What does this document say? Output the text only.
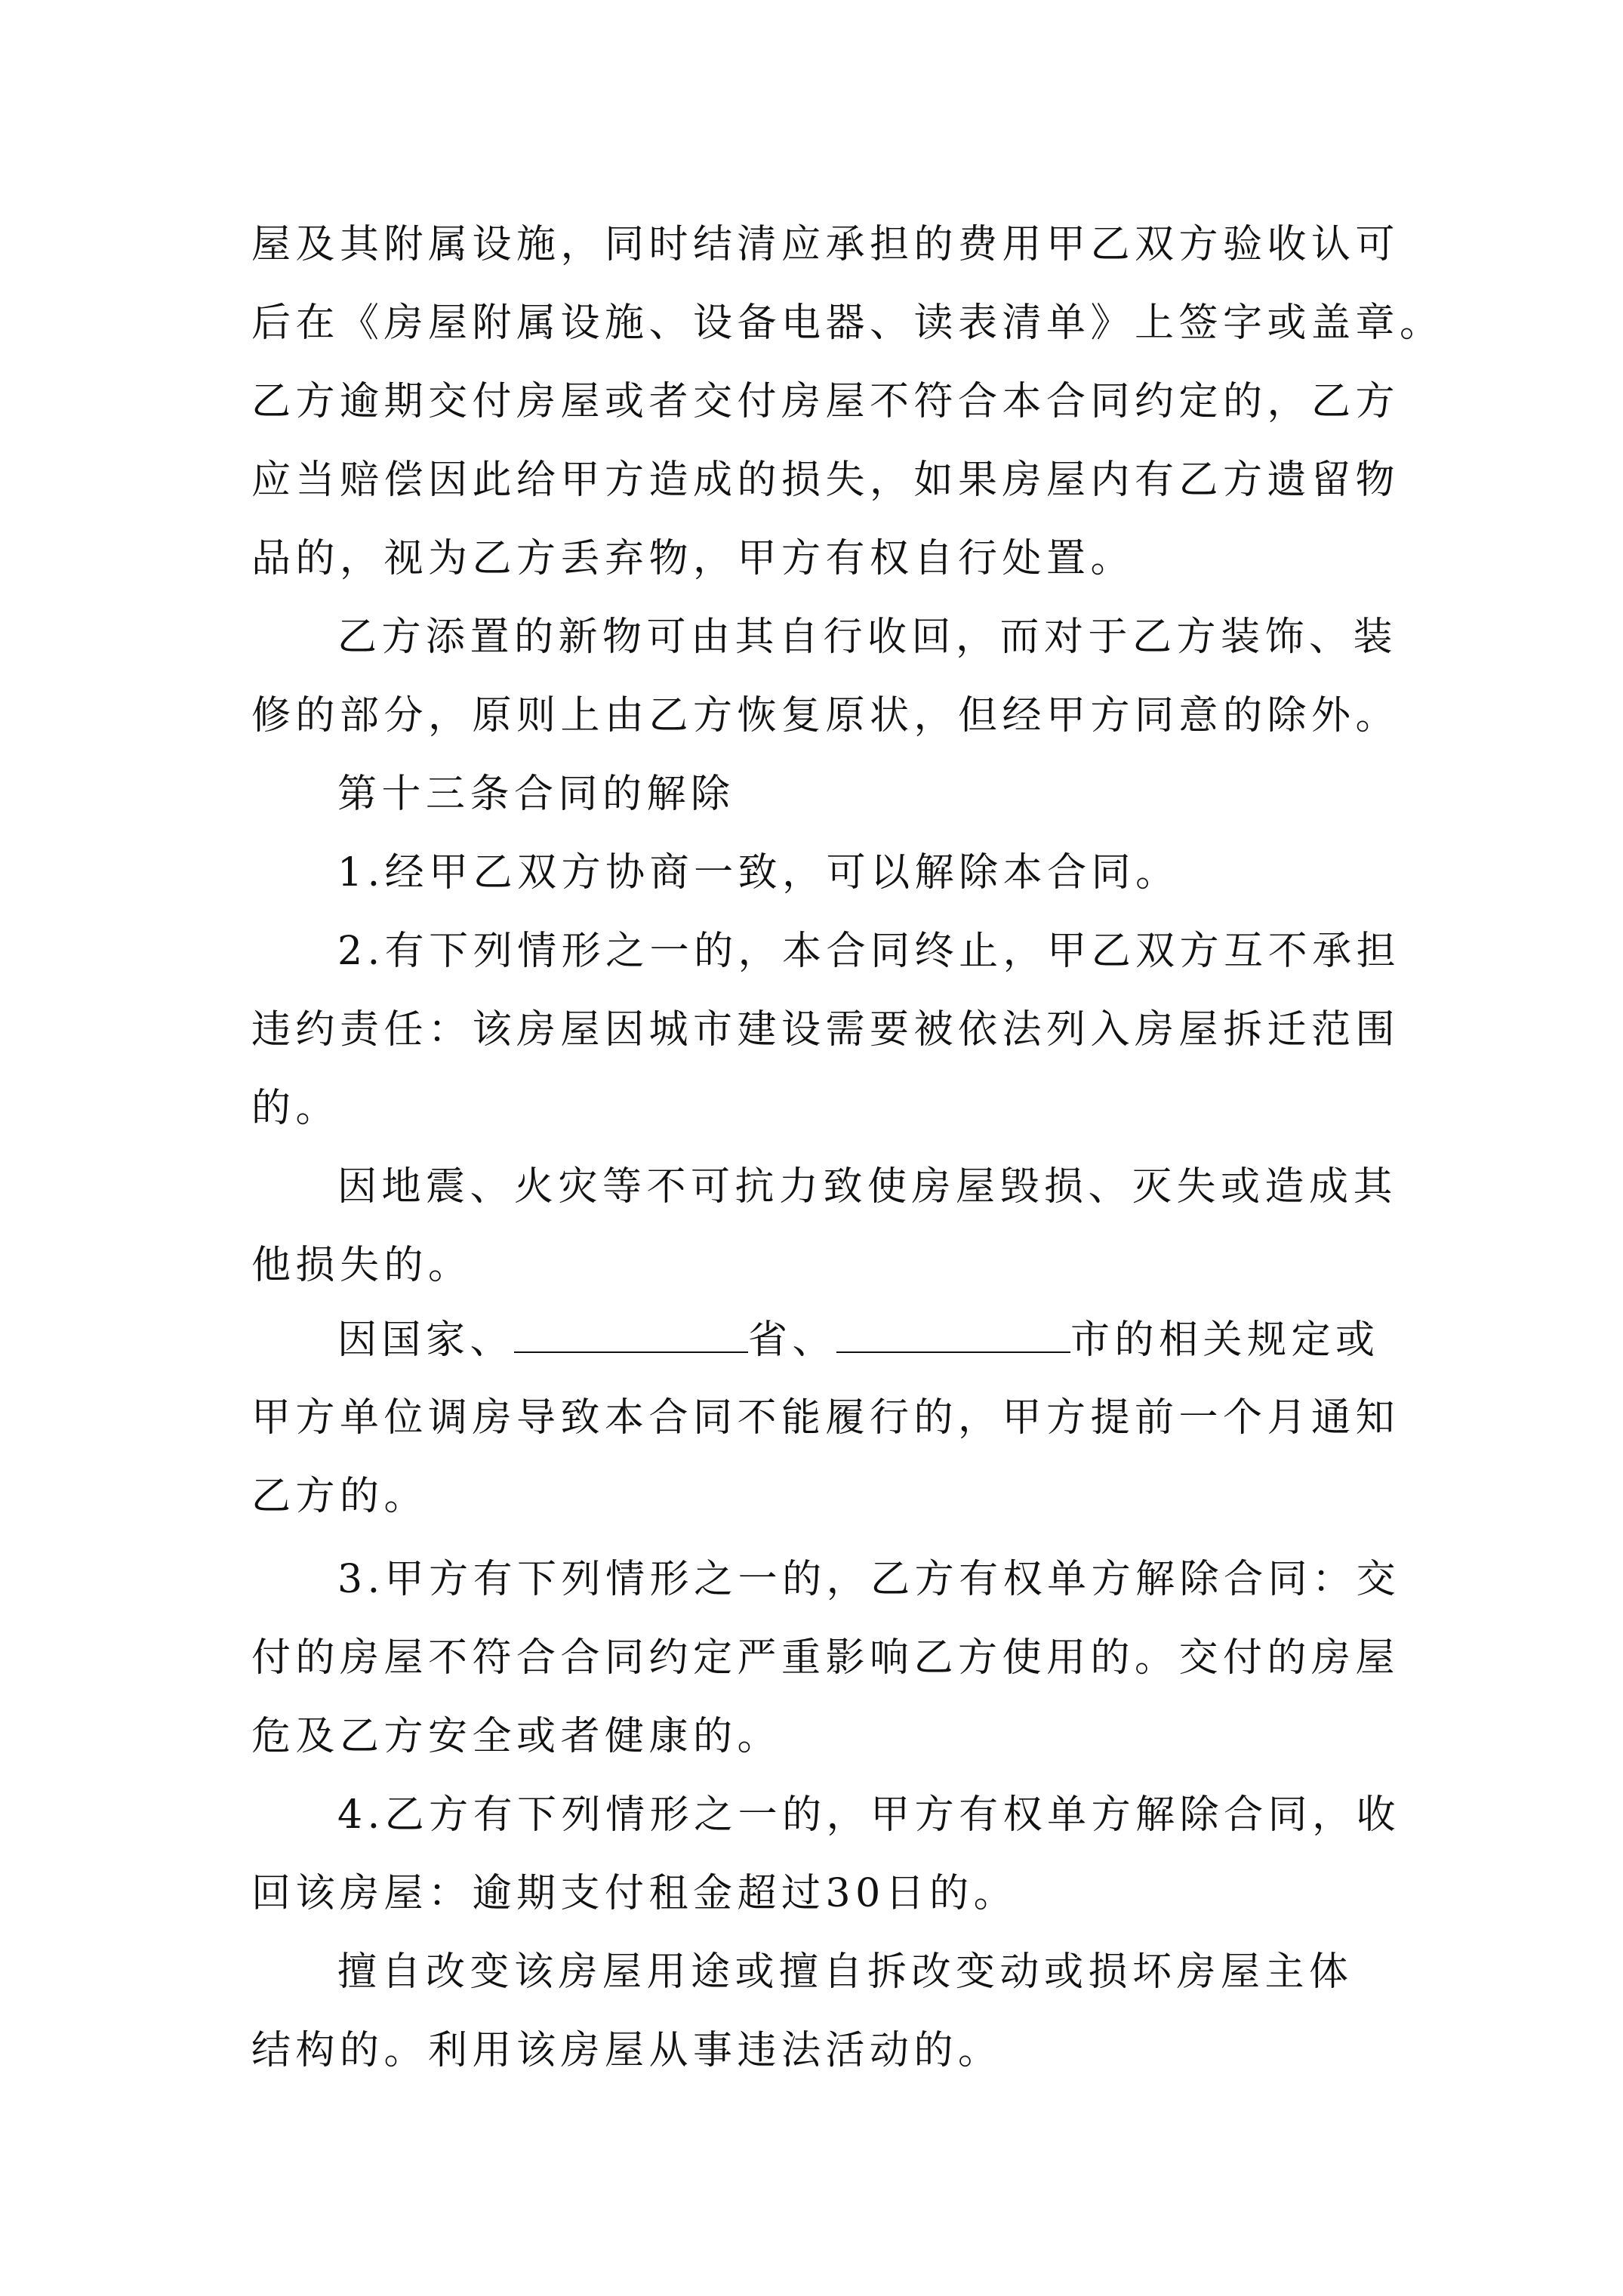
屋及其附属设施，同时结清应承担的费用甲乙双方验收认可
后在《房屋附属设施、设备电器、读表清单》上签字或盖章。
乙方逾期交付房屋或者交付房屋不符合本合同约定的，乙方
应当赔偿因此给甲方造成的损失，如果房屋内有乙方遗留物
品的，视为乙方丢弃物，甲方有权自行处置。
乙方添置的新物可由其自行收回，而对于乙方装饰、装
修的部分，原则上由乙方恢复原状，但经甲方同意的除外。
第十三条合同的解除
1.经甲乙双方协商一致，可以解除本合同。
2.有下列情形之一的，本合同终止，甲乙双方互不承担
违约责任：该房屋因城市建设需要被依法列入房屋拆迁范围
的。
因地震、火灾等不可抗力致使房屋毁损、灭失或造成其
他损失的。
因国家、	省、	市的相关规定或
甲方单位调房导致本合同不能履行的，甲方提前一个月通知
乙方的。
3.甲方有下列情形之一的，乙方有权单方解除合同：交
付的房屋不符合合同约定严重影响乙方使用的。交付的房屋
危及乙方安全或者健康的。
4.乙方有下列情形之一的，甲方有权单方解除合同，收
回该房屋：逾期支付租金超过30日的。
擅自改变该房屋用途或擅自拆改变动或损坏房屋主体
结构的。利用该房屋从事违法活动的。
